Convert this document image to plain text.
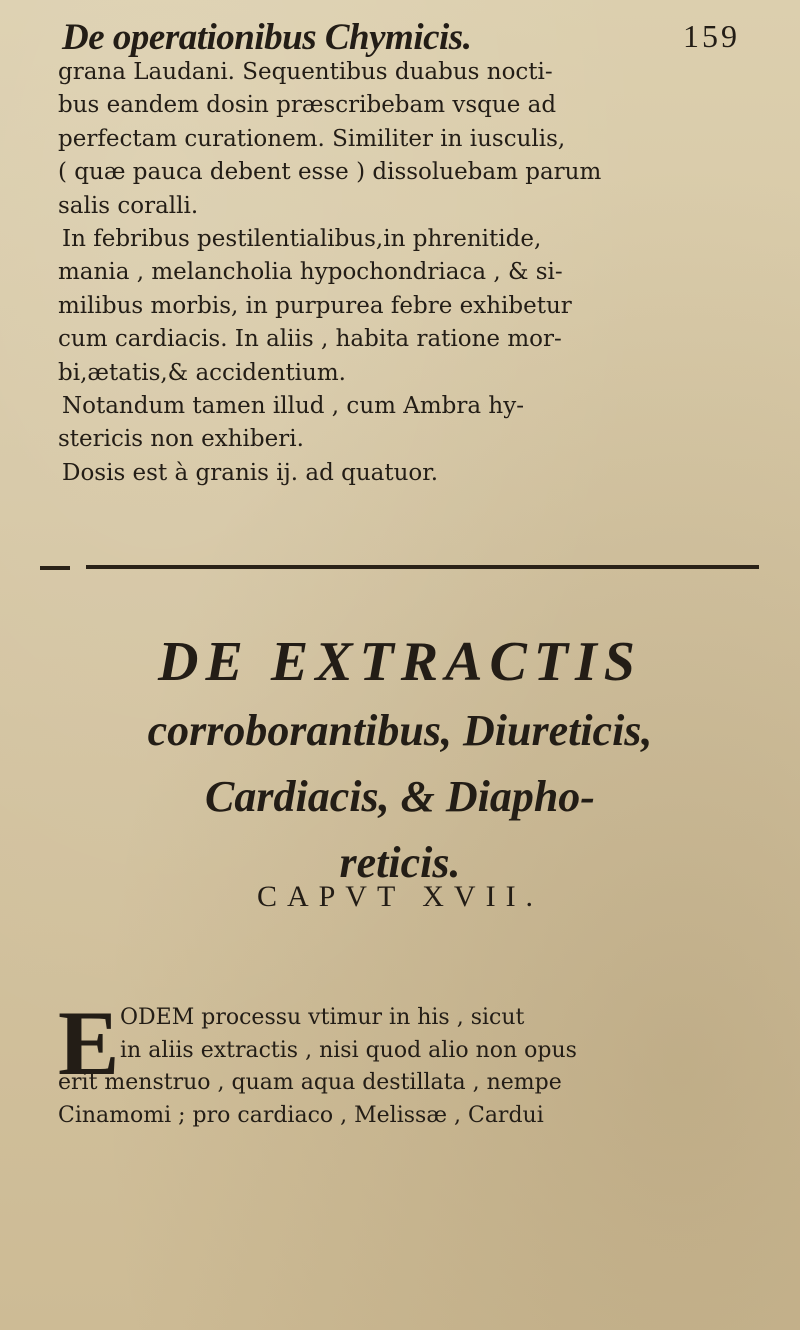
De operationibus Chymicis.	159
grana Laudani. Sequentibus duabus nocti-
bus eandem dosin præscribebam vsque ad
perfectam curationem. Similiter in iusculis,
( quæ pauca debent esse ) dissoluebam parum
salis coralli.
In febribus pestilentialibus,in phrenitide,
mania , melancholia hypochondriaca , & si-
milibus morbis, in purpurea febre exhibetur
cum cardiacis. In aliis , habita ratione mor-
bi,ætatis,& accidentium.
Notandum tamen illud , cum Ambra hy-
stericis non exhiberi.
Dosis est à granis ij. ad quatuor.
DE EXTRACTIS
corroborantibus, Diureticis,
Cardiacis, & Diapho-
reticis.
CAPVT XVII.
E ODEM processu vtimur in his , sicut
in aliis extractis , nisi quod alio non opus
erit menstruo , quam aqua destillata , nempe
Cinamomi ; pro cardiaco , Melissæ , Cardui
